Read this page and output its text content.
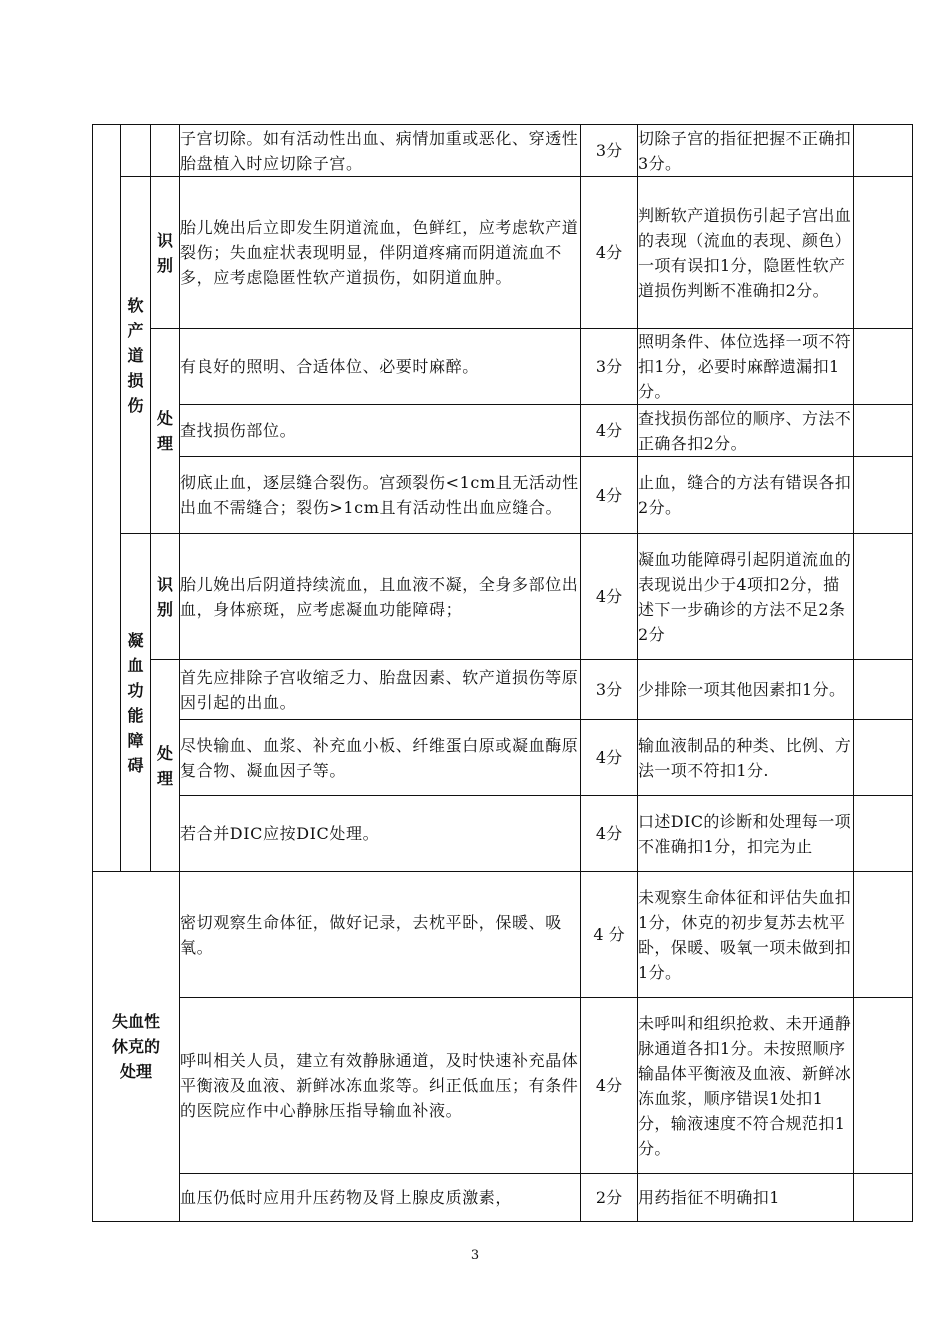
			子宫切除。如有活动性出血、病情加重或恶化、穿透性胎盘植入时应切除子宫。	3分	切除子宫的指征把握不正确扣3分。	

	软产道损伤	识别	胎儿娩出后立即发生阴道流血，色鲜红，应考虑软产道裂伤；失血症状表现明显，伴阴道疼痛而阴道流血不多，应考虑隐匿性软产道损伤，如阴道血肿。	4分	判断软产道损伤引起子宫出血的表现（流血的表现、颜色）一项有误扣1分，隐匿性软产道损伤判断不准确扣2分。	

		处理	有良好的照明、合适体位、必要时麻醉。	3分	照明条件、体位选择一项不符扣1分，必要时麻醉遗漏扣1分。	
			查找损伤部位。	4分	查找损伤部位的顺序、方法不正确各扣2分。	
			彻底止血，逐层缝合裂伤。宫颈裂伤<1cm且无活动性出血不需缝合；裂伤>1cm且有活动性出血应缝合。	4分	止血，缝合的方法有错误各扣2分。	

	凝血功能障碍	识别	胎儿娩出后阴道持续流血，且血液不凝，全身多部位出血，身体瘀斑，应考虑凝血功能障碍；	4分	凝血功能障碍引起阴道流血的表现说出少于4项扣2分，描述下一步确诊的方法不足2条2分	

		处理	首先应排除子宫收缩乏力、胎盘因素、软产道损伤等原因引起的出血。	3分	少排除一项其他因素扣1分。	
			尽快输血、血浆、补充血小板、纤维蛋白原或凝血酶原复合物、凝血因子等。	4分	输血液制品的种类、比例、方法一项不符扣1分.	
			若合并DIC应按DIC处理。	4分	口述DIC的诊断和处理每一项不准确扣1分，扣完为止	
失血性休克的处理			密切观察生命体征，做好记录，去枕平卧，保暖、吸氧。	4 分	未观察生命体征和评估失血扣1分，休克的初步复苏去枕平卧，保暖、吸氧一项未做到扣1分。	
			呼叫相关人员，建立有效静脉通道，及时快速补充晶体平衡液及血液、新鲜冰冻血浆等。纠正低血压；有条件的医院应作中心静脉压指导输血补液。	4分	未呼叫和组织抢救、未开通静脉通道各扣1分。未按照顺序输晶体平衡液及血液、新鲜冰冻血浆，顺序错误1处扣1分，输液速度不符合规范扣1分。	
			血压仍低时应用升压药物及肾上腺皮质激素，	2分	用药指征不明确扣1	
3
